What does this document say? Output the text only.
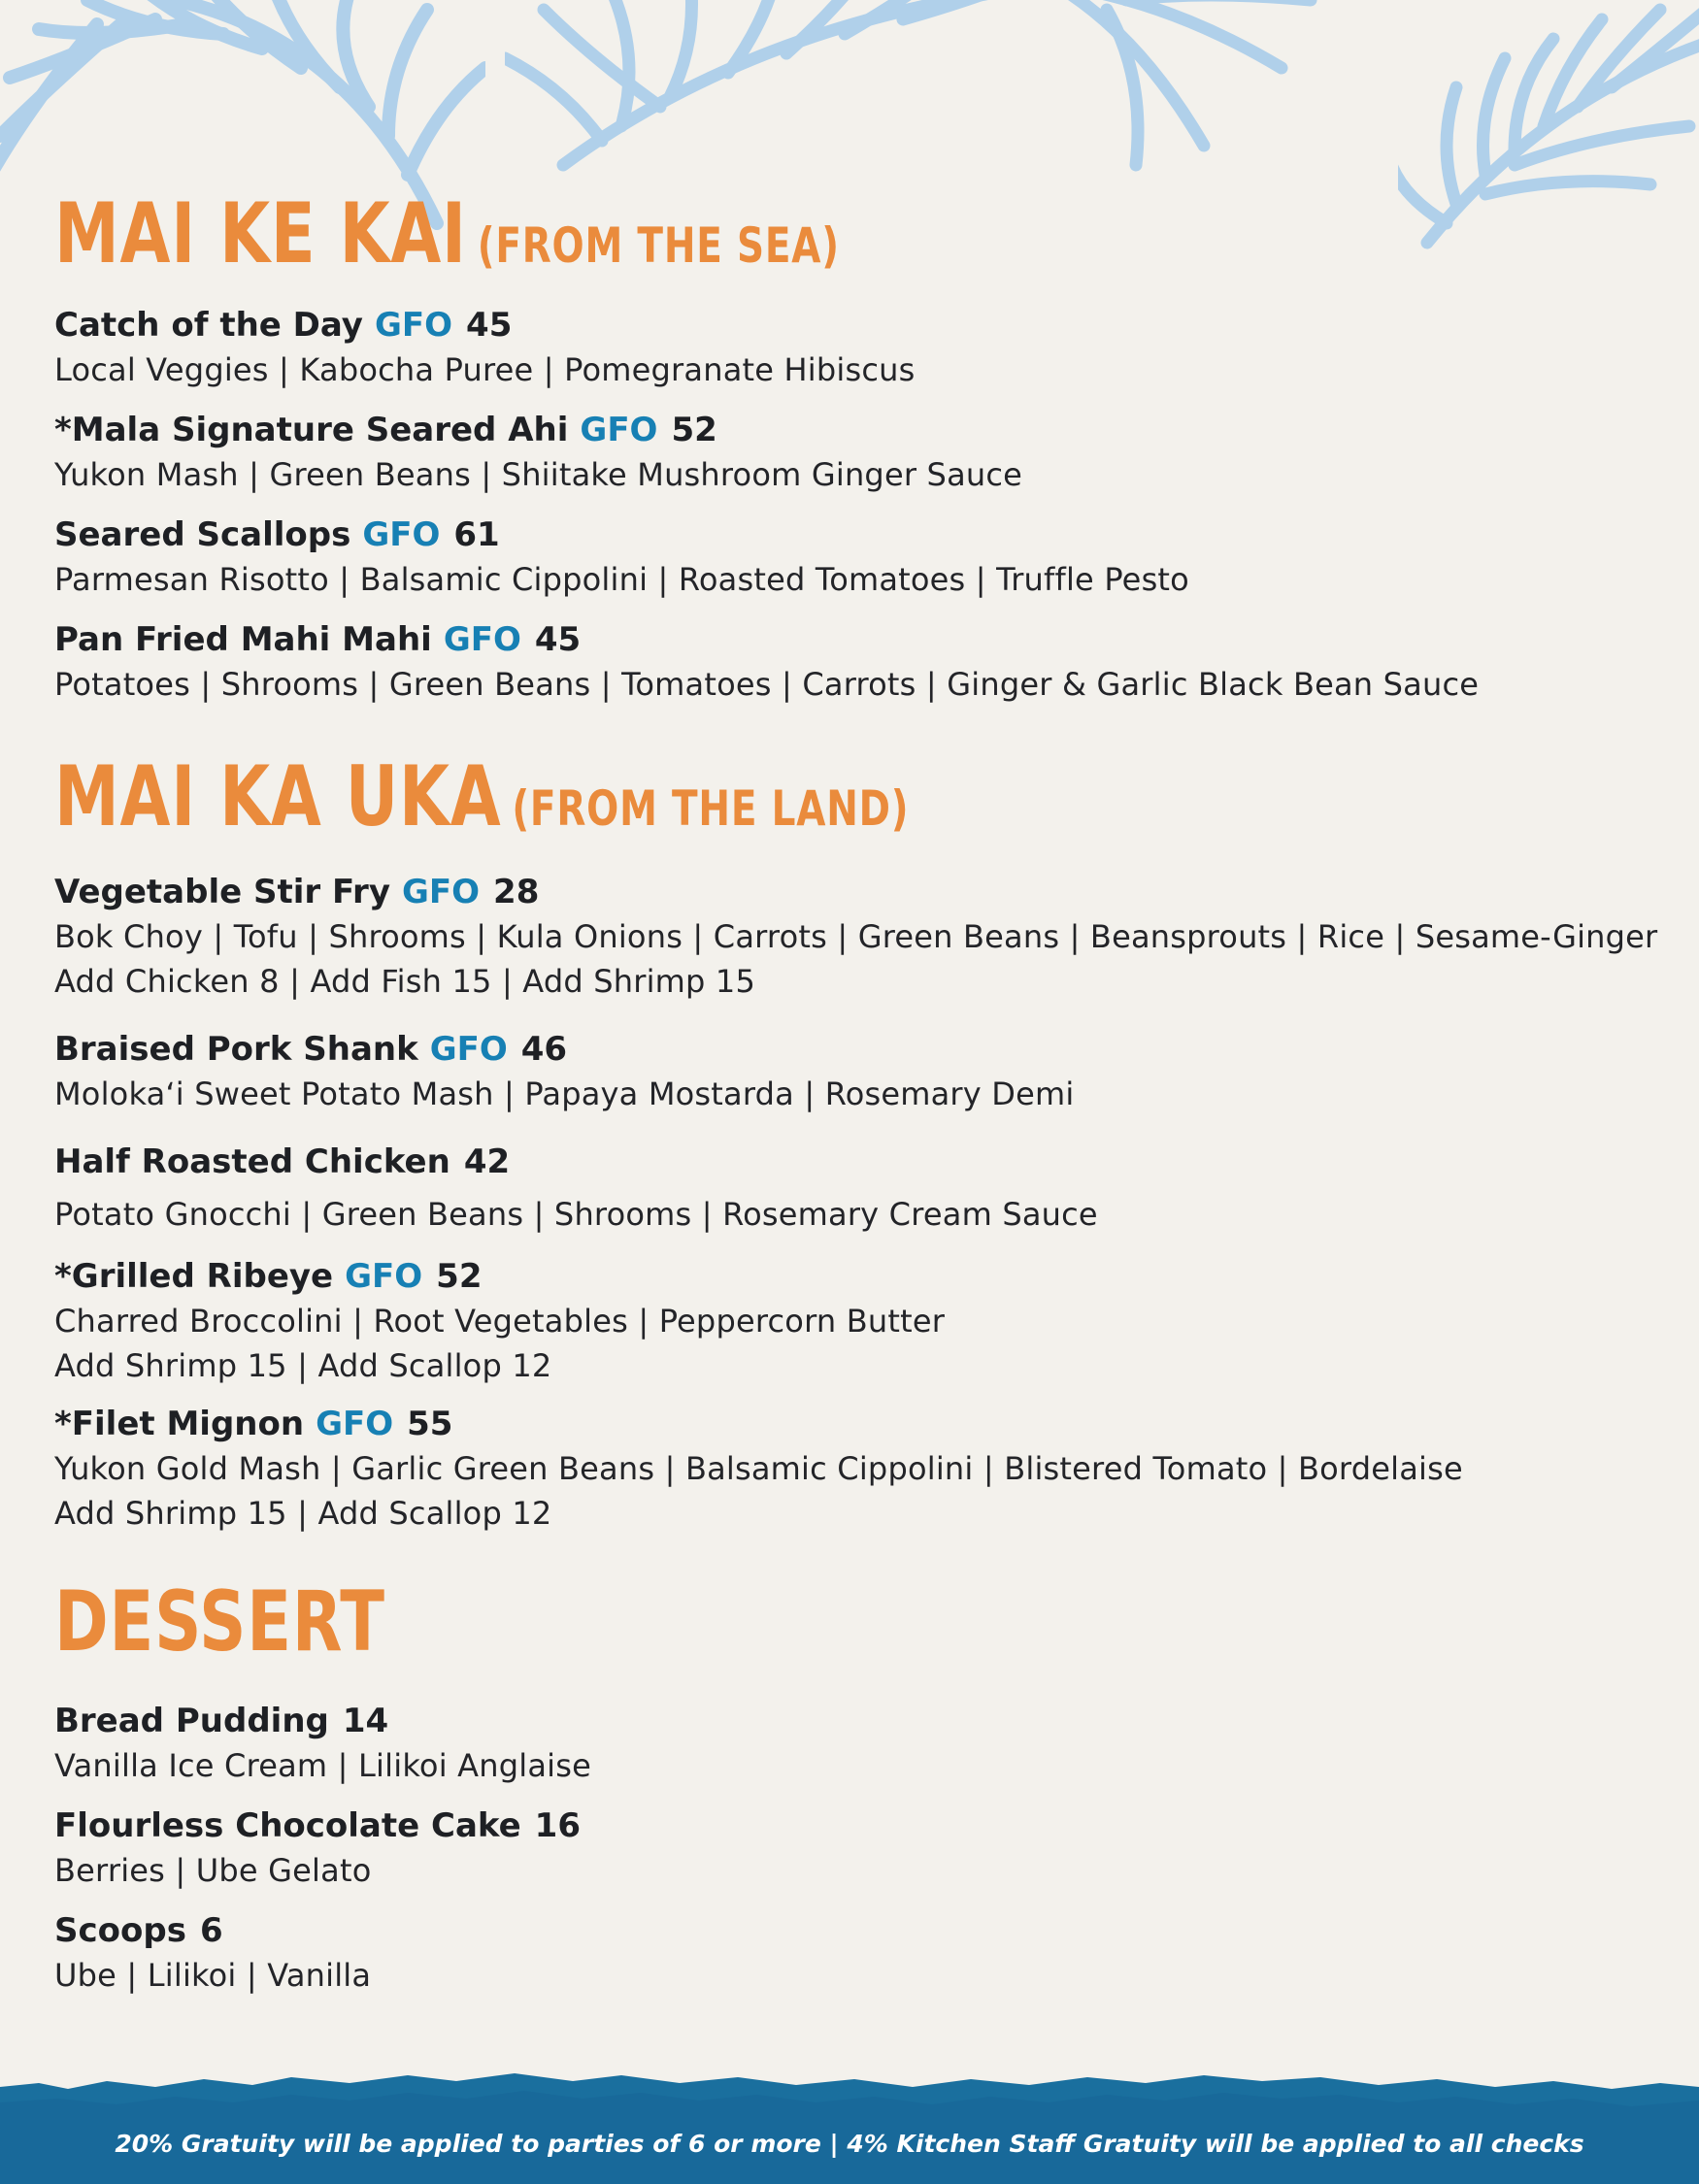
MAI KE KAI (FROM THE SEA)
Catch of the Day GFO 45
Local Veggies | Kabocha Puree | Pomegranate Hibiscus
*Mala Signature Seared Ahi GFO 52
Yukon Mash | Green Beans | Shiitake Mushroom Ginger Sauce
Seared Scallops GFO 61
Parmesan Risotto | Balsamic Cippolini | Roasted Tomatoes | Truffle Pesto
Pan Fried Mahi Mahi GFO 45
Potatoes | Shrooms | Green Beans | Tomatoes | Carrots | Ginger & Garlic Black Bean Sauce
MAI KA UKA (FROM THE LAND)
Vegetable Stir Fry GFO 28
Bok Choy | Tofu | Shrooms | Kula Onions | Carrots | Green Beans | Beansprouts | Rice | Sesame-Ginger
Add Chicken 8 | Add Fish 15 | Add Shrimp 15
Braised Pork Shank GFO 46
Moloka‘i Sweet Potato Mash | Papaya Mostarda | Rosemary Demi
Half Roasted Chicken 42
Potato Gnocchi | Green Beans | Shrooms | Rosemary Cream Sauce
*Grilled Ribeye GFO 52
Charred Broccolini | Root Vegetables | Peppercorn Butter
Add Shrimp 15 | Add Scallop 12
*Filet Mignon GFO 55
Yukon Gold Mash | Garlic Green Beans | Balsamic Cippolini | Blistered Tomato | Bordelaise
Add Shrimp 15 | Add Scallop 12
DESSERT
Bread Pudding 14
Vanilla Ice Cream | Lilikoi Anglaise
Flourless Chocolate Cake 16
Berries | Ube Gelato
Scoops 6
Ube | Lilikoi | Vanilla
20% Gratuity will be applied to parties of 6 or more | 4% Kitchen Staff Gratuity will be applied to all checks
